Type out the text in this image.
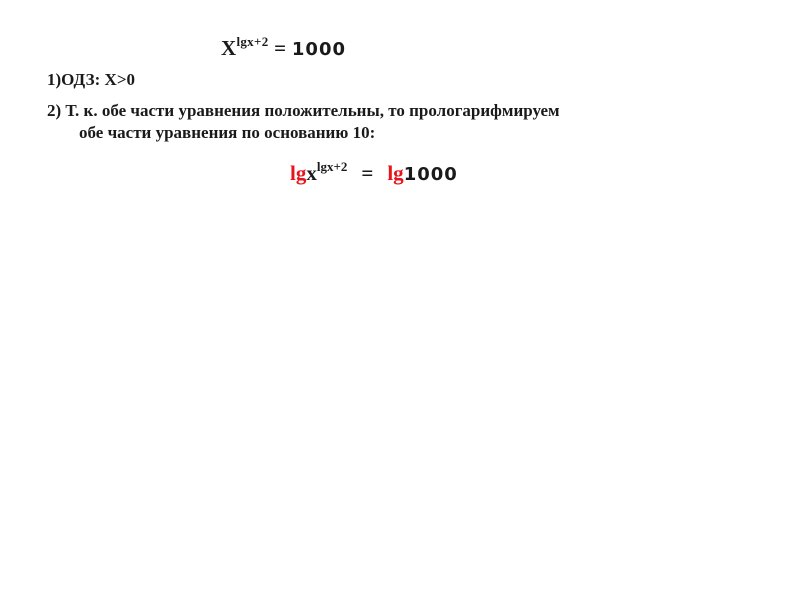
$X^{lgx+2} = 1000$
1)ОДЗ: Х>0
2) Т. к. обе части уравнения положительны, то прологарифмируем
обе части уравнения по основанию 10:
lgx$^{lgx+2}$ = lg1000
